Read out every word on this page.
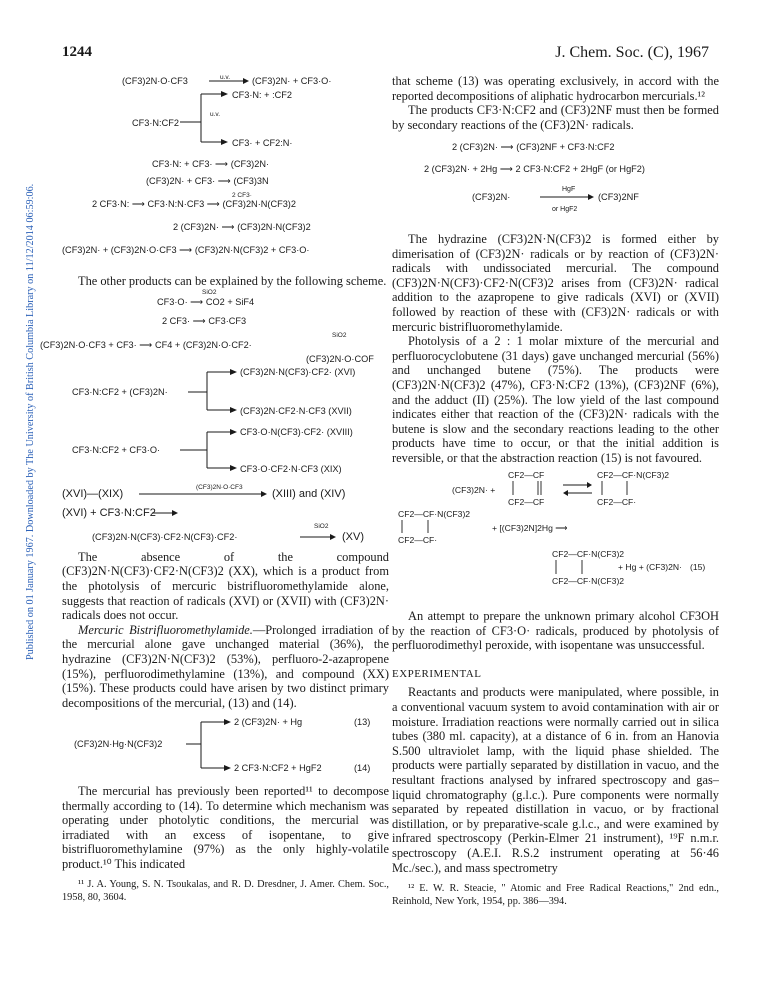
1244	J. Chem. Soc. (C), 1967
Published on 01 January 1967. Downloaded by The University of British Columbia Library on 11/12/2014 06:59:06.
(CF3)2N·O·CF3	u.v. (CF3)2N· + CF3·O·
CF3·N: + :CF2
CF3·N:CF2
u.v.
CF3· + CF2:N·
CF3·N: + CF3· ⟶ (CF3)2N·
(CF3)2N· + CF3· ⟶ (CF3)3N
2 CF3·
2 CF3·N: ⟶ CF3·N:N·CF3 ⟶ (CF3)2N·N(CF3)2
2 (CF3)2N· ⟶ (CF3)2N·N(CF3)2
(CF3)2N· + (CF3)2N·O·CF3 ⟶ (CF3)2N·N(CF3)2 + CF3·O·

The other products can be explained by the following scheme.

SiO2
CF3·O· ⟶ CO2 + SiF4
2 CF3· ⟶ CF3·CF3
SiO2
(CF3)2N·O·CF3 + CF3· ⟶ CF4 + (CF3)2N·O·CF2·
(CF3)2N·O·COF
(CF3)2N·N(CF3)·CF2· (XVI)
CF3·N:CF2 + (CF3)2N·
(CF3)2N·CF2·N·CF3 (XVII)
CF3·O·N(CF3)·CF2· (XVIII)
CF3·N:CF2 + CF3·O·
CF3·O·CF2·N·CF3 (XIX)
(XVI)—(XIX)
(CF3)2N·O·CF3
(XIII) and (XIV)
(XVI) + CF3·N:CF2
SiO2
(CF3)2N·N(CF3)·CF2·N(CF3)·CF2·	(XV)

The absence of the compound (CF3)2N·N(CF3)·CF2·N(CF3)2 (XX), which is a product from the photolysis of mercuric bistrifluoromethylamide alone, suggests that reaction of radicals (XVI) or (XVII) with (CF3)2N· radicals does not occur.

Mercuric Bistrifluoromethylamide.—Prolonged irradiation of the mercurial alone gave unchanged material (36%), the hydrazine (CF3)2N·N(CF3)2 (53%), perfluoro-2-azapropene (15%), perfluorodimethylamine (13%), and compound (XX) (15%). These products could have arisen by two distinct primary decompositions of the mercurial, (13) and (14).

2 (CF3)2N· + Hg	(13)
(CF3)2N·Hg·N(CF3)2
2 CF3·N:CF2 + HgF2	(14)

The mercurial has previously been reported¹¹ to decompose thermally according to (14). To determine which mechanism was operating under photolytic conditions, the mercurial was irradiated with an excess of isopentane, to give bistrifluoromethylamine (97%) as the only highly-volatile product.¹⁰ This indicated

¹¹ J. A. Young, S. N. Tsoukalas, and R. D. Dresdner, J. Amer. Chem. Soc., 1958, 80, 3604.

that scheme (13) was operating exclusively, in accord with the reported decompositions of aliphatic hydrocarbon mercurials.¹²

The products CF3·N:CF2 and (CF3)2NF must then be formed by secondary reactions of the (CF3)2N· radicals.

2 (CF3)2N· ⟶ (CF3)2NF + CF3·N:CF2
2 (CF3)2N· + 2Hg ⟶ 2 CF3·N:CF2 + 2HgF (or HgF2)
HgF
(CF3)2N·	(CF3)2NF
or HgF2

The hydrazine (CF3)2N·N(CF3)2 is formed either by dimerisation of (CF3)2N· radicals or by reaction of (CF3)2N· radicals with undissociated mercurial. The compound (CF3)2N·N(CF3)·CF2·N(CF3)2 arises from (CF3)2N· radical addition to the azapropene to give radicals (XVI) or (XVII) followed by reaction of these with (CF3)2N· radicals or with mercuric bistrifluoromethylamide.

Photolysis of a 2 : 1 molar mixture of the mercurial and perfluorocyclobutene (31 days) gave unchanged mercurial (56%) and unchanged butene (75%). The products were (CF3)2N·N(CF3)2 (47%), CF3·N:CF2 (13%), (CF3)2NF (6%), and the adduct (II) (25%). The low yield of the last compound indicates either that reaction of the (CF3)2N· radicals with the butene is slow and the secondary reactions leading to the other products have time to occur, or that the initial addition is reversible, or that the abstraction reaction (15) is not favoured.

(CF3)2N· +
CF2—CF
CF2—CF
CF2—CF·N(CF3)2
CF2—CF·
CF2—CF·N(CF3)2
CF2—CF·
+ [(CF3)2N]2Hg ⟶
CF2—CF·N(CF3)2
CF2—CF·N(CF3)2
+ Hg + (CF3)2N· (15)

An attempt to prepare the unknown primary alcohol CF3OH by the reaction of CF3·O· radicals, produced by photolysis of perfluorodimethyl peroxide, with isopentane was unsuccessful.

EXPERIMENTAL

Reactants and products were manipulated, where possible, in a conventional vacuum system to avoid contamination with air or moisture. Irradiation reactions were normally carried out in silica tubes (380 ml. capacity), at a distance of 6 in. from an Hanovia S.500 ultraviolet lamp, with the liquid phase shielded. The products were partially separated by distillation in vacuo, and the resultant fractions analysed by infrared spectroscopy and gas–liquid chromatography (g.l.c.). Pure components were normally separated by repeated distillation in vacuo, or by fractional distillation, or by preparative-scale g.l.c., and were examined by infrared spectroscopy (Perkin-Elmer 21 instrument), ¹⁹F n.m.r. spectroscopy (A.E.I. R.S.2 instrument operating at 56·46 Mc./sec.), and mass spectrometry

¹² E. W. R. Steacie, " Atomic and Free Radical Reactions," 2nd edn., Reinhold, New York, 1954, pp. 386—394.
